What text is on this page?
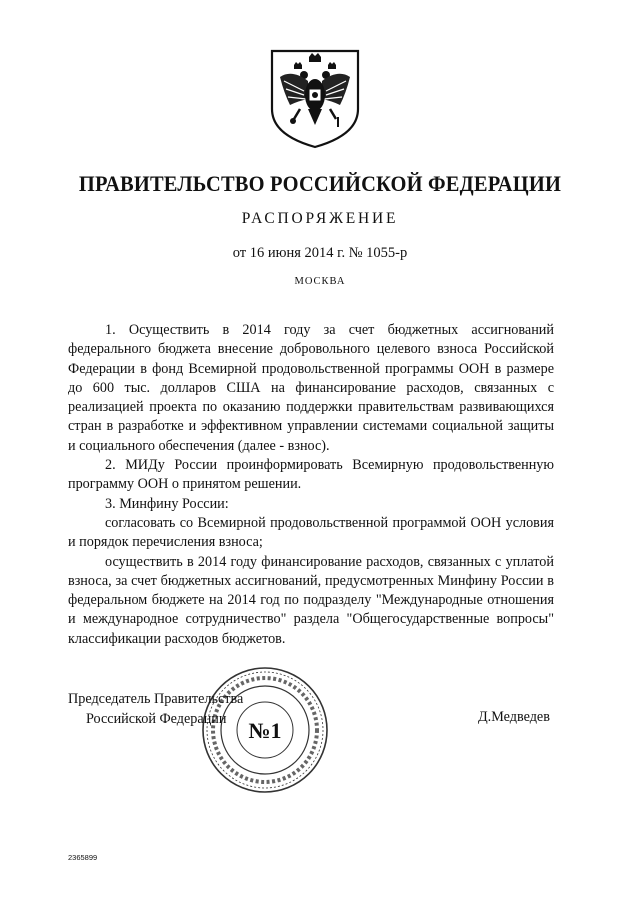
ПРАВИТЕЛЬСТВО РОССИЙСКОЙ ФЕДЕРАЦИИ
РАСПОРЯЖЕНИЕ
от 16 июня 2014 г. № 1055-р
МОСКВА

1. Осуществить в 2014 году за счет бюджетных ассигнований федерального бюджета внесение добровольного целевого взноса Российской Федерации в фонд Всемирной продовольственной программы ООН в размере до 600 тыс. долларов США на финансирование расходов, связанных с реализацией проекта по оказанию поддержки правительствам развивающихся стран в разработке и эффективном управлении системами социальной защиты и социального обеспечения (далее - взнос).

2. МИДу России проинформировать Всемирную продовольственную программу ООН о принятом решении.

3. Минфину России:

согласовать со Всемирной продовольственной программой ООН условия и порядок перечисления взноса;

осуществить в 2014 году финансирование расходов, связанных с уплатой взноса, за счет бюджетных ассигнований, предусмотренных Минфину России в федеральном бюджете на 2014 год по подразделу "Международные отношения и международное сотрудничество" раздела "Общегосударственные вопросы" классификации расходов бюджетов.

№1
Председатель Правительства
Российской Федерации	Д.Медведев
2365899
